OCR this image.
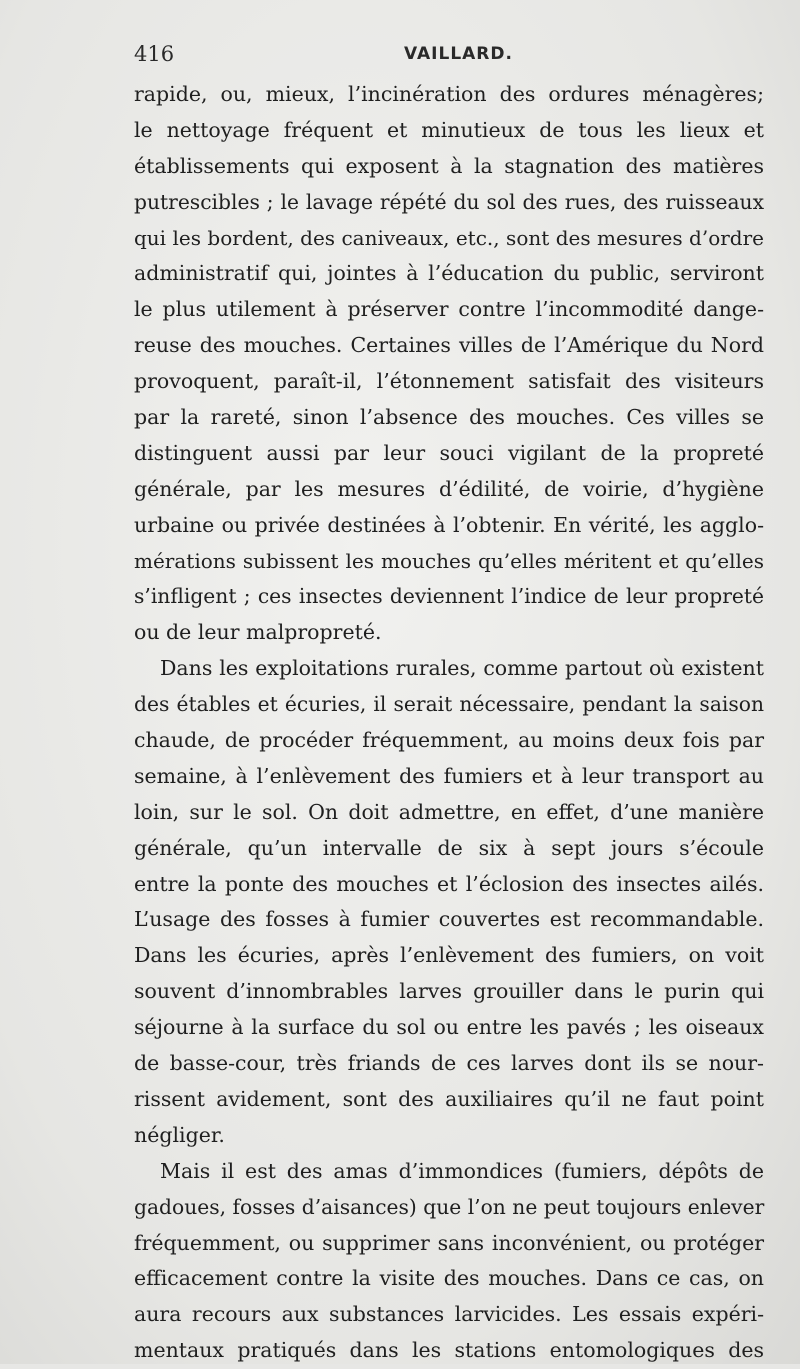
416	VAILLARD.
rapide, ou, mieux, l’incinération des ordures ménagères;
le nettoyage fréquent et minutieux de tous les lieux et
établissements qui exposent à la stagnation des matières
putrescibles ; le lavage répété du sol des rues, des ruisseaux
qui les bordent, des caniveaux, etc., sont des mesures d’ordre
administratif qui, jointes à l’éducation du public, serviront
le plus utilement à préserver contre l’incommodité dange-
reuse des mouches. Certaines villes de l’Amérique du Nord
provoquent, paraît-il, l’étonnement satisfait des visiteurs
par la rareté, sinon l’absence des mouches. Ces villes se
distinguent aussi par leur souci vigilant de la propreté
générale, par les mesures d’édilité, de voirie, d’hygiène
urbaine ou privée destinées à l’obtenir. En vérité, les agglo-
mérations subissent les mouches qu’elles méritent et qu’elles
s’infligent ; ces insectes deviennent l’indice de leur propreté
ou de leur malpropreté.
Dans les exploitations rurales, comme partout où existent
des étables et écuries, il serait nécessaire, pendant la saison
chaude, de procéder fréquemment, au moins deux fois par
semaine, à l’enlèvement des fumiers et à leur transport au
loin, sur le sol. On doit admettre, en effet, d’une manière
générale, qu’un intervalle de six à sept jours s’écoule
entre la ponte des mouches et l’éclosion des insectes ailés.
L’usage des fosses à fumier couvertes est recommandable.
Dans les écuries, après l’enlèvement des fumiers, on voit
souvent d’innombrables larves grouiller dans le purin qui
séjourne à la surface du sol ou entre les pavés ; les oiseaux
de basse-cour, très friands de ces larves dont ils se nour-
rissent avidement, sont des auxiliaires qu’il ne faut point
négliger.
Mais il est des amas d’immondices (fumiers, dépôts de
gadoues, fosses d’aisances) que l’on ne peut toujours enlever
fréquemment, ou supprimer sans inconvénient, ou protéger
efficacement contre la visite des mouches. Dans ce cas, on
aura recours aux substances larvicides. Les essais expéri-
mentaux pratiqués dans les stations entomologiques des
